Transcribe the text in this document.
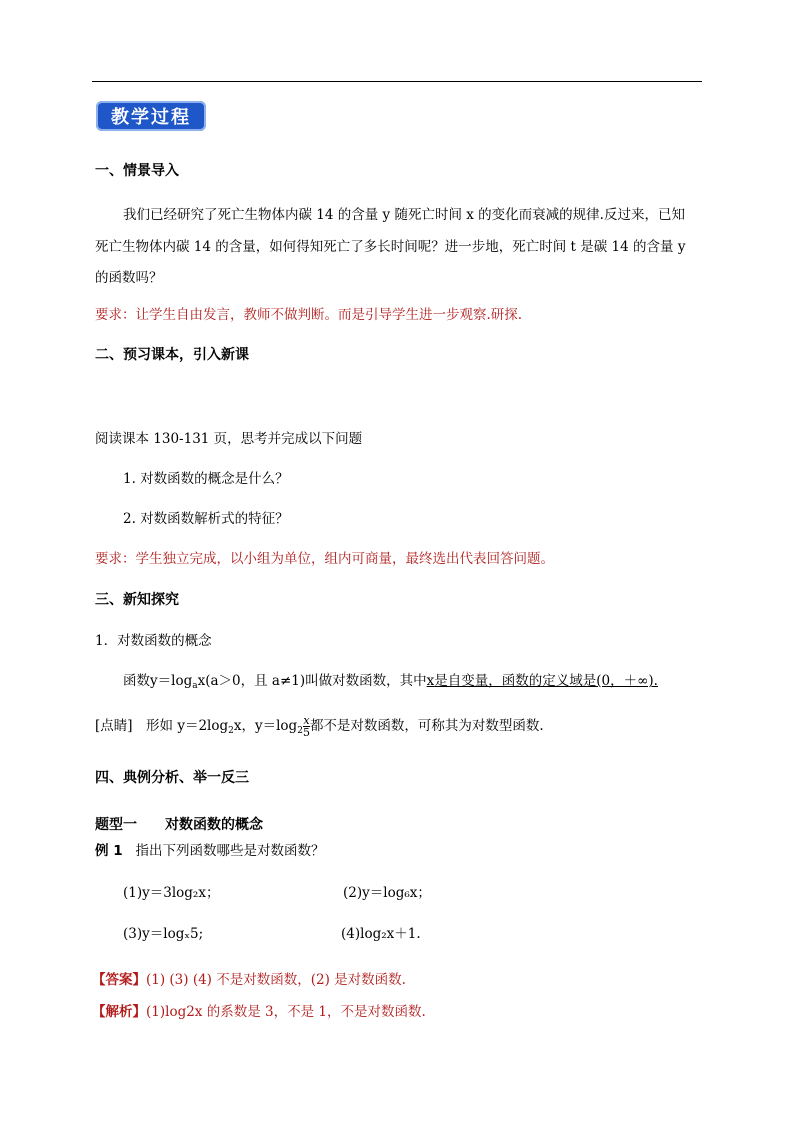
教学过程
一、情景导入
我们已经研究了死亡生物体内碳 14 的含量 y 随死亡时间 x 的变化而衰减的规律.反过来，已知
死亡生物体内碳 14 的含量，如何得知死亡了多长时间呢？进一步地，死亡时间 t 是碳 14 的含量 y
的函数吗？
要求：让学生自由发言，教师不做判断。而是引导学生进一步观察.研探.
二、预习课本，引入新课
阅读课本 130-131 页，思考并完成以下问题
1. 对数函数的概念是什么？
2. 对数函数解析式的特征？
要求：学生独立完成，以小组为单位，组内可商量，最终选出代表回答问题。
三、新知探究
1．对数函数的概念
函数$y=\log_ax(a>0$，且 a≠1)叫做对数函数，其中x是自变量，函数的定义域是(0，＋∞).
[点睛]　形如 $y=2\log_2x$，$y=\log_2 \frac{x}{5}$ 都不是对数函数，可称其为对数型函数.
四、典例分析、举一反三
题型一　　对数函数的概念
例 1 指出下列函数哪些是对数函数？
(1)y＝3log₂x；	(2)y＝log₆x；
(3)y＝logₓ5;	(4)log₂x＋1.
【答案】(1) (3) (4) 不是对数函数，(2) 是对数函数.
【解析】(1)log2x 的系数是 3，不是 1，不是对数函数.
